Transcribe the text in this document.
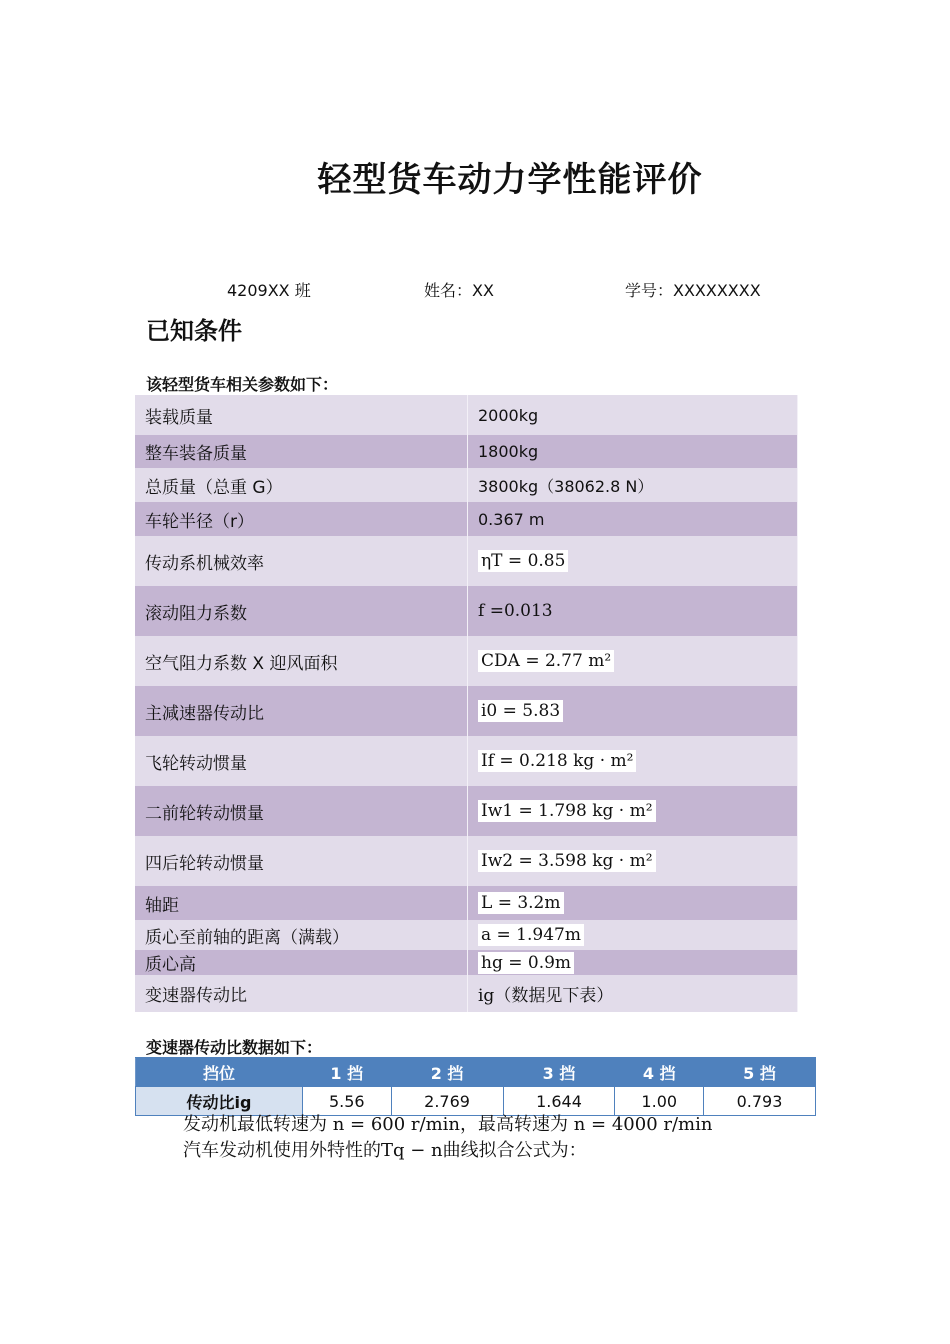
轻型货车动力学性能评价
4209XX 班	姓名：XX	学号：XXXXXXXX
已知条件
该轻型货车相关参数如下：
装载质量	2000kg
整车装备质量	1800kg
总质量（总重 G）	3800kg（38062.8 N）
车轮半径（r）	0.367 m
传动系机械效率	ηT = 0.85
滚动阻力系数	f =0.013
空气阻力系数 X 迎风面积	CDA = 2.77 m²
主减速器传动比	i0 = 5.83
飞轮转动惯量	If = 0.218 kg · m²
二前轮转动惯量	Iw1 = 1.798 kg · m²
四后轮转动惯量	Iw2 = 3.598 kg · m²
轴距	L = 3.2m
质心至前轴的距离（满载）	a = 1.947m
质心高	hg = 0.9m
变速器传动比	ig（数据见下表）
变速器传动比数据如下：
挡位	1 挡	2 挡	3 挡	4 挡	5 挡
传动比ig	5.56	2.769	1.644	1.00	0.793
发动机最低转速为 n = 600 r/min，最高转速为 n = 4000 r/min
汽车发动机使用外特性的Tq − n曲线拟合公式为：
